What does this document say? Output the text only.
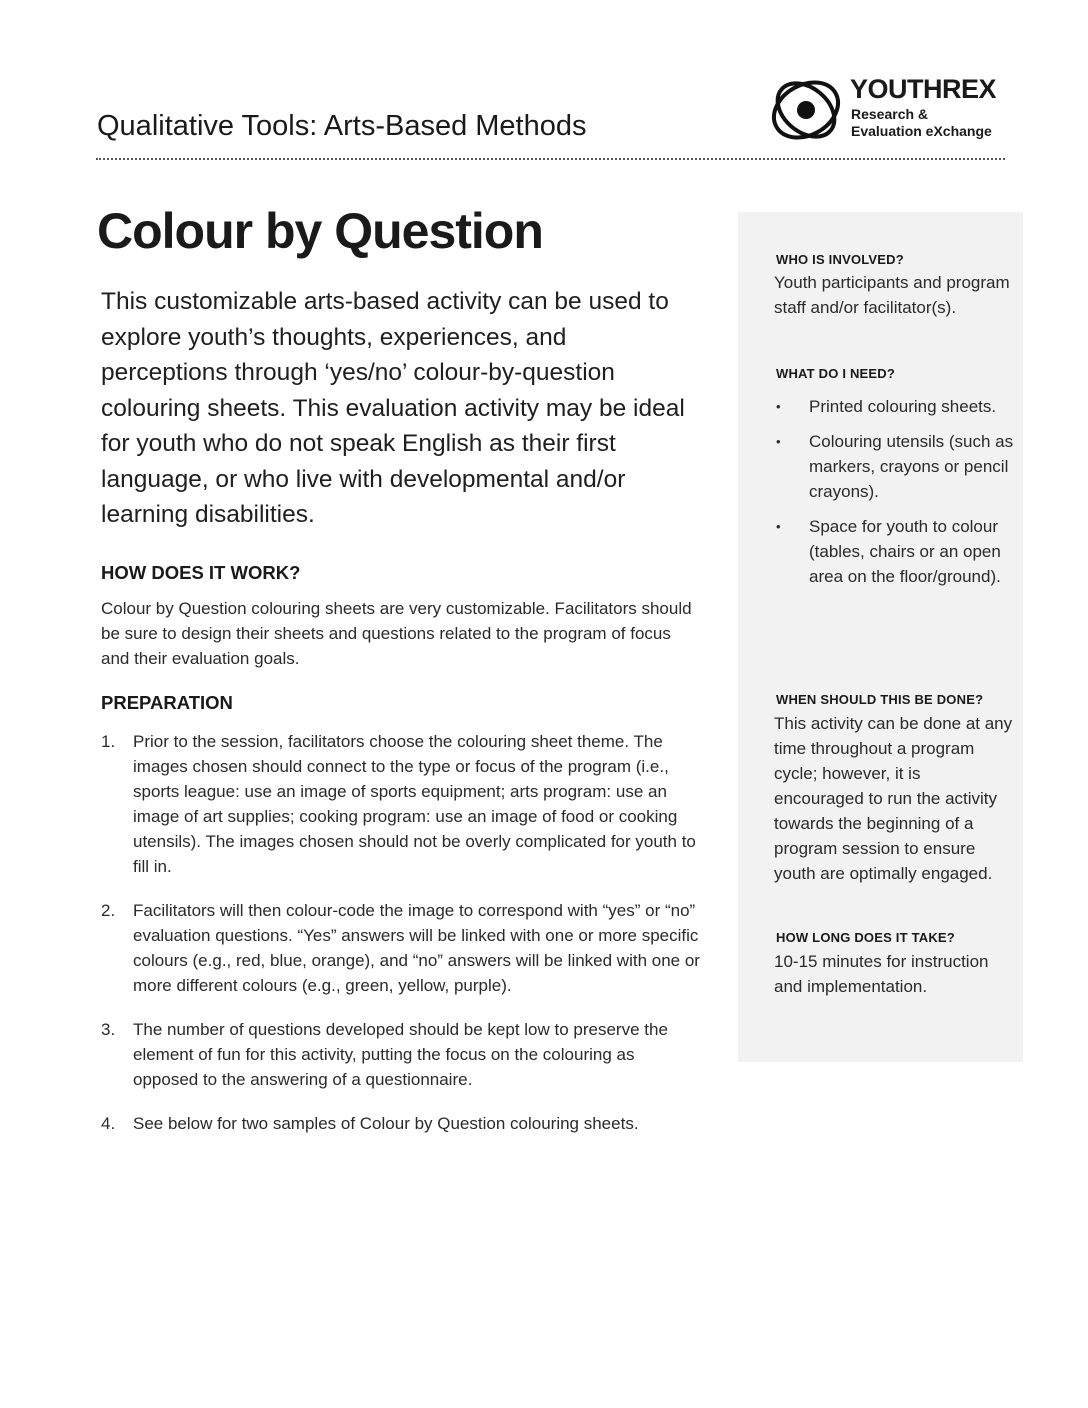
Qualitative Tools: Arts-Based Methods
YOUTHREX
Research &
Evaluation eXchange
Colour by Question
This customizable arts-based activity can be used to explore youth’s thoughts, experiences, and perceptions through ‘yes/no’ colour-by-question colouring sheets. This evaluation activity may be ideal for youth who do not speak English as their first language, or who live with developmental and/or learning disabilities.
HOW DOES IT WORK?
Colour by Question colouring sheets are very customizable. Facilitators should be sure to design their sheets and questions related to the program of focus and their evaluation goals.
PREPARATION
1. Prior to the session, facilitators choose the colouring sheet theme. The images chosen should connect to the type or focus of the program (i.e., sports league: use an image of sports equipment; arts program: use an image of art supplies; cooking program: use an image of food or cooking utensils). The images chosen should not be overly complicated for youth to fill in.
2. Facilitators will then colour-code the image to correspond with “yes” or “no” evaluation questions. “Yes” answers will be linked with one or more specific colours (e.g., red, blue, orange), and “no” answers will be linked with one or more different colours (e.g., green, yellow, purple).
3. The number of questions developed should be kept low to preserve the element of fun for this activity, putting the focus on the colouring as opposed to the answering of a questionnaire.
4. See below for two samples of Colour by Question colouring sheets.
WHO IS INVOLVED?
Youth participants and program staff and/or facilitator(s).
WHAT DO I NEED?
• Printed colouring sheets.
• Colouring utensils (such as markers, crayons or pencil crayons).
• Space for youth to colour (tables, chairs or an open area on the floor/ground).
WHEN SHOULD THIS BE DONE?
This activity can be done at any time throughout a program cycle; however, it is encouraged to run the activity towards the beginning of a program session to ensure youth are optimally engaged.
HOW LONG DOES IT TAKE?
10-15 minutes for instruction and implementation.
